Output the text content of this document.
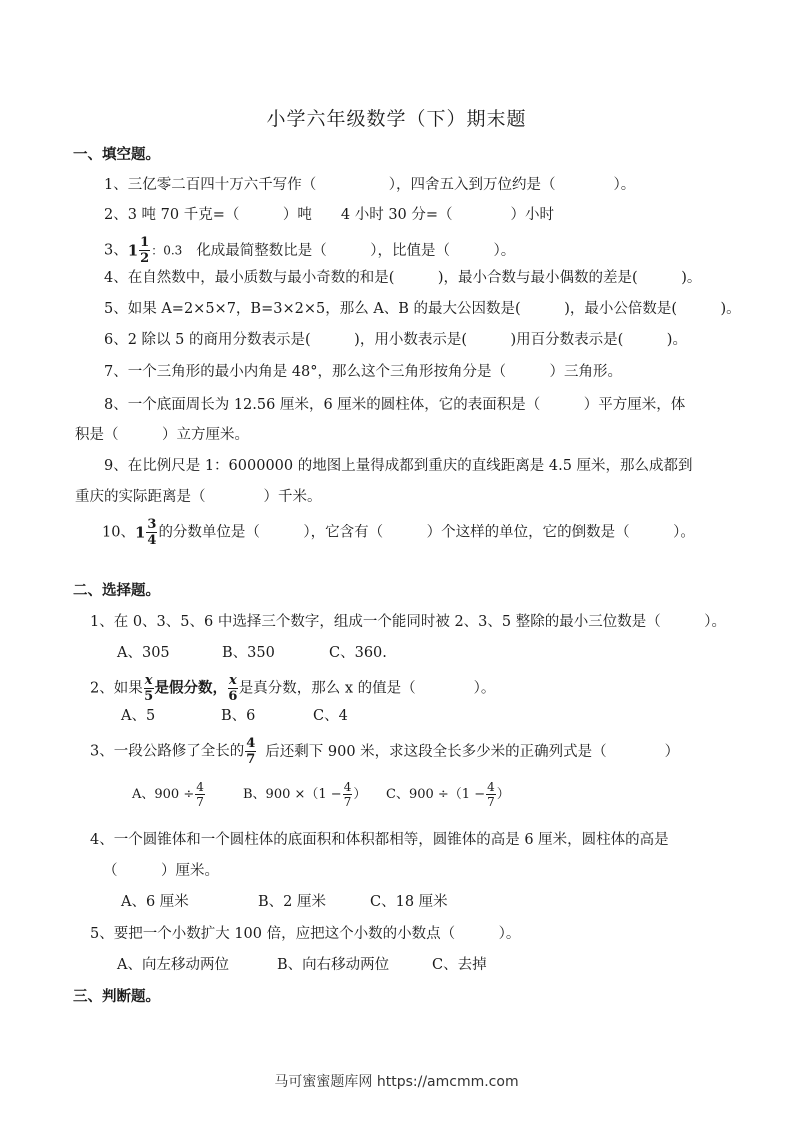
小学六年级数学（下）期末题
一、填空题。
1、三亿零二百四十万六千写作（　　　　　），四舍五入到万位约是（　　　　）。
2、3 吨 70 千克=（　　　）吨　　4 小时 30 分=（　　　　）小时
3、$1 \frac{1}{2}$ ：0.3 化成最简整数比是（　　　），比值是（　　　）。
4、在自然数中，最小质数与最小奇数的和是(　　　)，最小合数与最小偶数的差是(　　　)。
5、如果 A=2×5×7，B=3×2×5，那么 A、B 的最大公因数是(　　　)，最小公倍数是(　　　)。
6、2 除以 5 的商用分数表示是(　　　)，用小数表示是(　　　)用百分数表示是(　　　)。
7、一个三角形的最小内角是 48°，那么这个三角形按角分是（　　　）三角形。
8、一个底面周长为 12.56 厘米，6 厘米的圆柱体，它的表面积是（　　　）平方厘米，体
积是（　　　）立方厘米。
9、在比例尺是 1：6000000 的地图上量得成都到重庆的直线距离是 4.5 厘米，那么成都到
重庆的实际距离是（　　　　）千米。
10、$1 \frac{3}{4}$ 的分数单位是（　　　），它含有（　　　）个这样的单位，它的倒数是（　　　）。
二、选择题。
1、在 0、3、5、6 中选择三个数字，组成一个能同时被 2、3、5 整除的最小三位数是（　　　）。
A、305	B、350	C、360.
2、如果 $\frac{x}{5}$ 是假分数， $\frac{x}{6}$ 是真分数，那么 x 的值是（　　　　）。
A、5	B、6	C、4
3、一段公路修了全长的 $\frac{4}{7}$ 后还剩下 900 米，求这段全长多少米的正确列式是（　　　　）
A、$900 \div \frac{4}{7}$	B、$900 \times(1 - \frac{4}{7}$ ） C、$900 \div(1 - \frac{4}{7}$ ）
4、一个圆锥体和一个圆柱体的底面积和体积都相等，圆锥体的高是 6 厘米，圆柱体的高是
（　　　）厘米。
A、6 厘米	B、2 厘米	C、18 厘米
5、要把一个小数扩大 100 倍，应把这个小数的小数点（　　　）。
A、向左移动两位	B、向右移动两位	C、去掉
三、判断题。
马可蜜蜜题库网 https://amcmm.com
